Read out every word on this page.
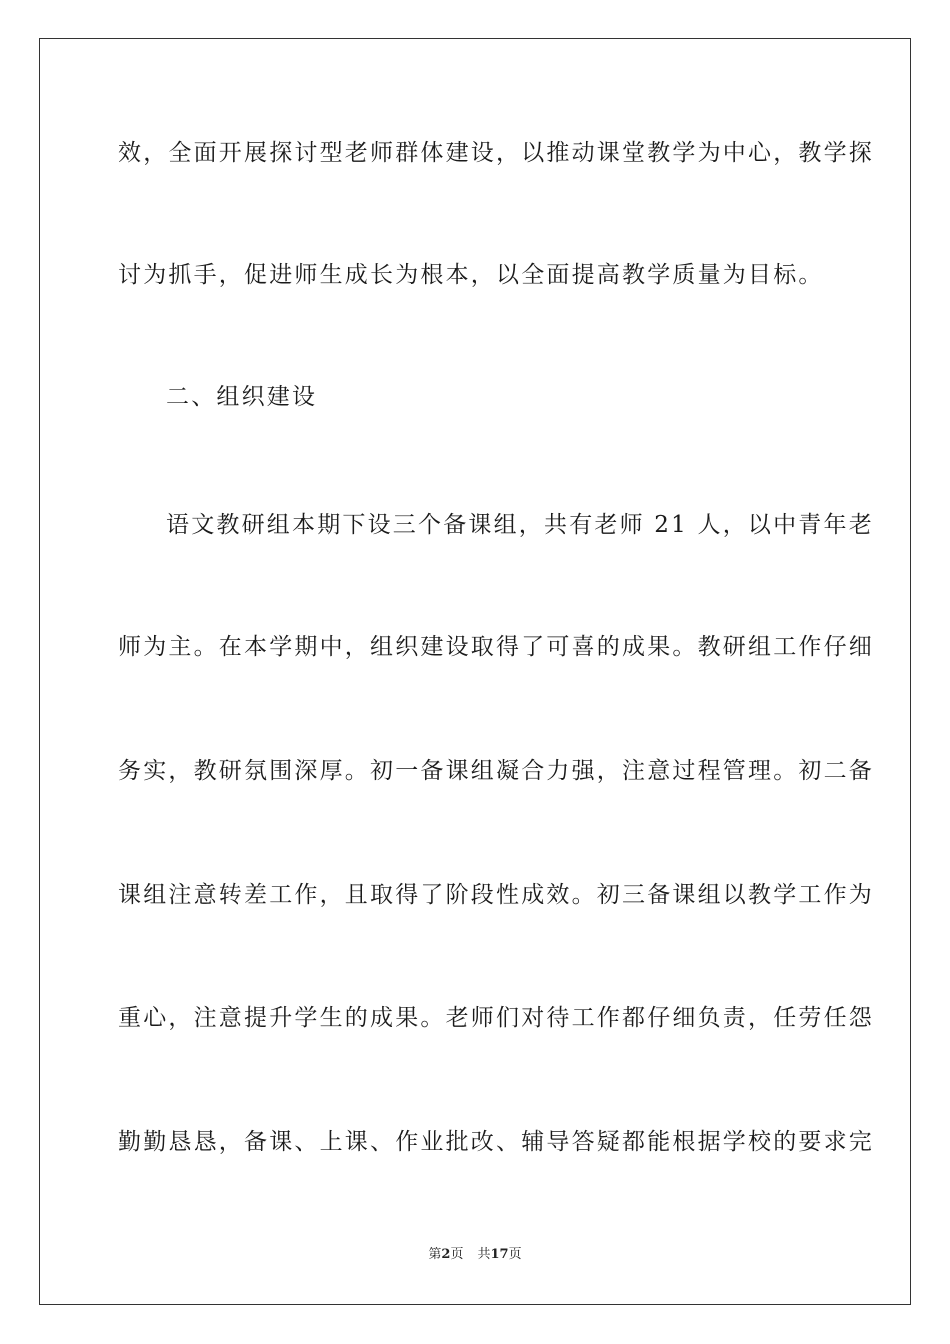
效，全面开展探讨型老师群体建设，以推动课堂教学为中心，教学探
讨为抓手，促进师生成长为根本，以全面提高教学质量为目标。
二、组织建设
语文教研组本期下设三个备课组，共有老师 21 人，以中青年老
师为主。在本学期中，组织建设取得了可喜的成果。教研组工作仔细
务实，教研氛围深厚。初一备课组凝合力强，注意过程管理。初二备
课组注意转差工作，且取得了阶段性成效。初三备课组以教学工作为
重心，注意提升学生的成果。老师们对待工作都仔细负责，任劳任怨
勤勤恳恳，备课、上课、作业批改、辅导答疑都能根据学校的要求完
第2页 共17页
